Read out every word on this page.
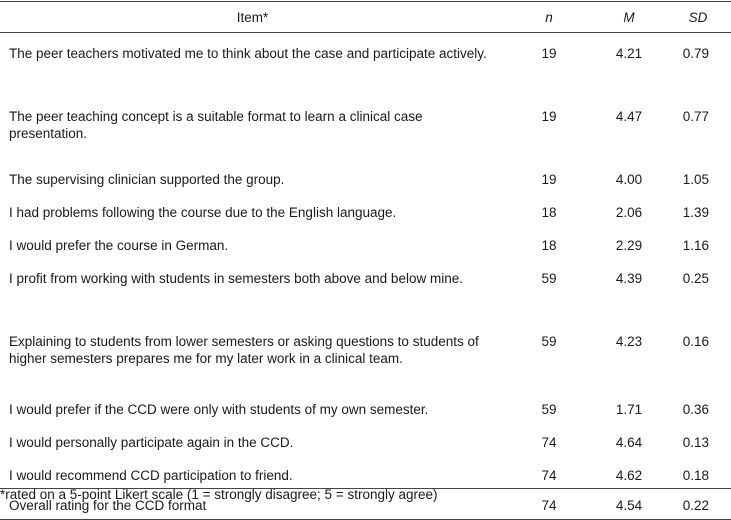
Item*	n	M	SD
The peer teachers motivated me to think about the case and participate actively.	19	4.21	0.79
The peer teaching concept is a suitable format to learn a clinical case presentation.	19	4.47	0.77
The supervising clinician supported the group.	19	4.00	1.05
I had problems following the course due to the English language.	18	2.06	1.39
I would prefer the course in German.	18	2.29	1.16
I profit from working with students in semesters both above and below mine.	59	4.39	0.25
Explaining to students from lower semesters or asking questions to students of higher semesters prepares me for my later work in a clinical team.	59	4.23	0.16
I would prefer if the CCD were only with students of my own semester.	59	1.71	0.36
I would personally participate again in the CCD.	74	4.64	0.13
I would recommend CCD participation to friend.	74	4.62	0.18
Overall rating for the CCD format	74	4.54	0.22
*rated on a 5-point Likert scale (1 = strongly disagree; 5 = strongly agree)
